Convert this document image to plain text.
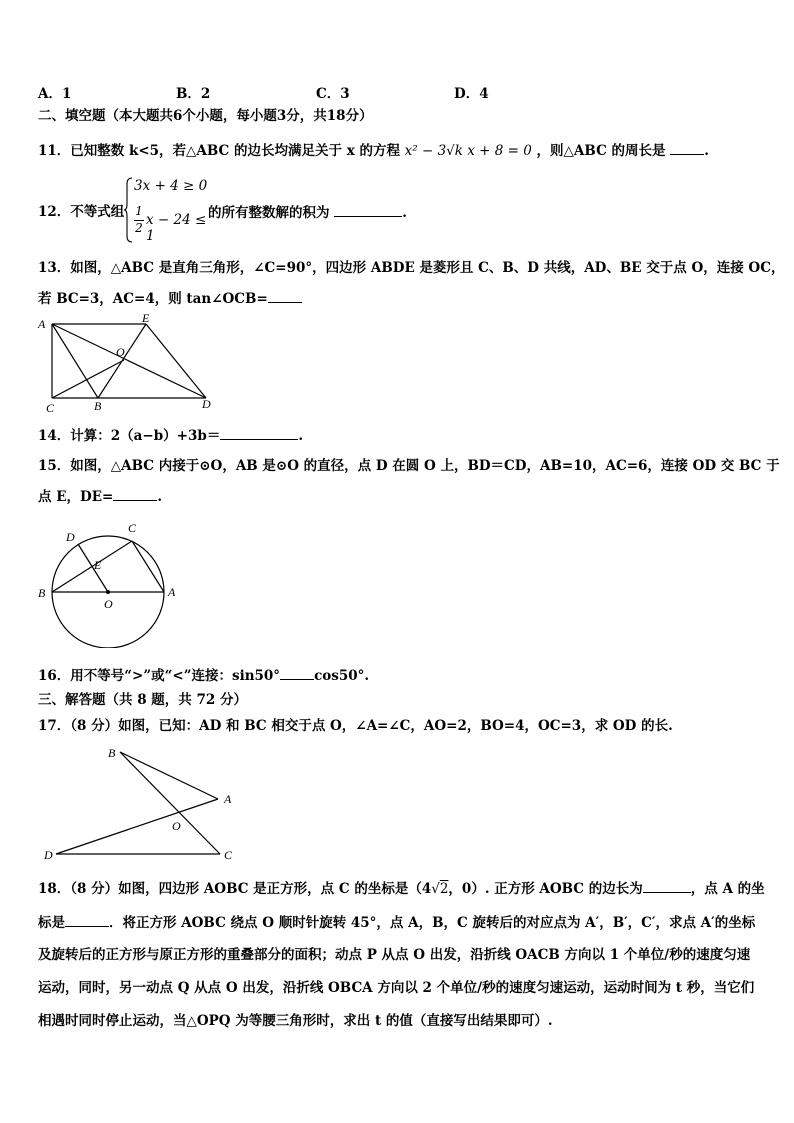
A．1	B．2	C．3	D．4
二、填空题（本大题共6个小题，每小题3分，共18分）
11．已知整数 k<5，若△ABC 的边长均满足关于 x 的方程 x² − 3√k x + 8 = 0 ，则△ABC 的周长是	.
12．不等式组
3x + 4 ≥ 0
1
2 x − 24 ≤ 1
的所有整数解的积为	.
13．如图，△ABC 是直角三角形，∠C=90°，四边形 ABDE 是菱形且 C、B、D 共线，AD、BE 交于点 O，连接 OC，
若 BC=3，AC=4，则 tan∠OCB=
A	E
O
C	B	D
14．计算：2（a−b）+3b＝	.
15．如图，△ABC 内接于⊙O，AB 是⊙O 的直径，点 D 在圆 O 上，BD＝CD，AB=10，AC=6，连接 OD 交 BC 于
点 E，DE=	.
D
C
E
B
O
A
16．用不等号“>”或“<”连接：sin50°	cos50°.
三、解答题（共 8 题，共 72 分）
17．（8 分）如图，已知：AD 和 BC 相交于点 O，∠A=∠C，AO=2，BO=4，OC=3，求 OD 的长.
B
A
O
D	C
18．（8 分）如图，四边形 AOBC 是正方形，点 C 的坐标是（4√2，0）. 正方形 AOBC 的边长为	，点 A 的坐
标是	．将正方形 AOBC 绕点 O 顺时针旋转 45°，点 A，B，C 旋转后的对应点为 A′，B′，C′，求点 A′的坐标
及旋转后的正方形与原正方形的重叠部分的面积；动点 P 从点 O 出发，沿折线 OACB 方向以 1 个单位/秒的速度匀速
运动，同时，另一动点 Q 从点 O 出发，沿折线 OBCA 方向以 2 个单位/秒的速度匀速运动，运动时间为 t 秒，当它们
相遇时同时停止运动，当△OPQ 为等腰三角形时，求出 t 的值（直接写出结果即可）.
